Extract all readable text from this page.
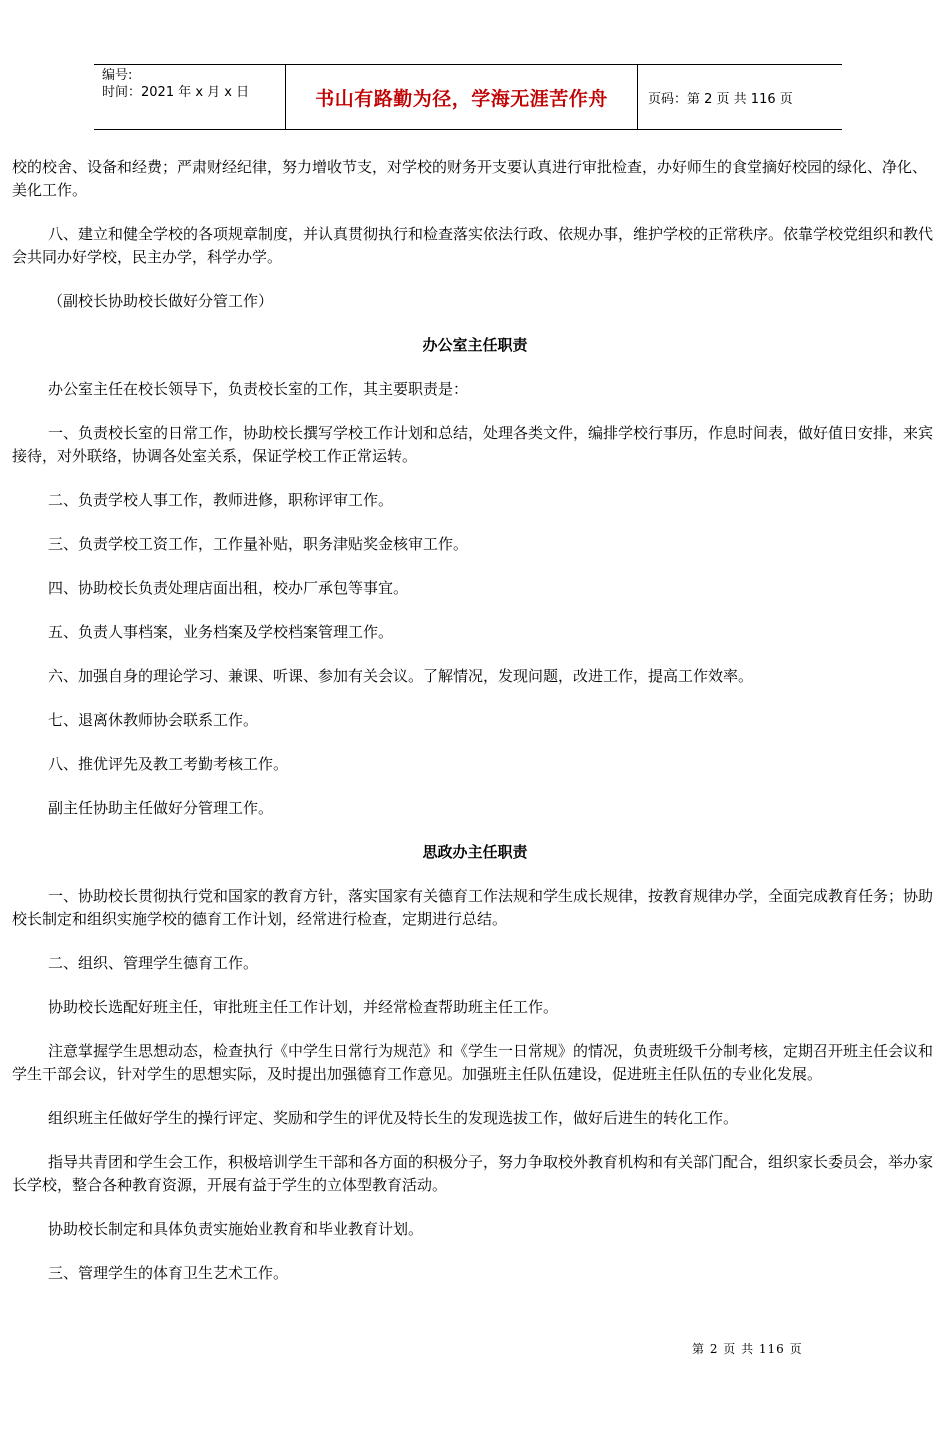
编号:
时间：2021 年 x 月 x 日	书山有路勤为径，学海无涯苦作舟	页码：第 2 页 共 116 页

校的校舍、设备和经费；严肃财经纪律，努力增收节支，对学校的财务开支要认真进行审批检查，办好师生的食堂摘好校园的绿化、净化、美化工作。

八、建立和健全学校的各项规章制度，并认真贯彻执行和检查落实依法行政、依规办事，维护学校的正常秩序。依靠学校党组织和教代会共同办好学校，民主办学，科学办学。

（副校长协助校长做好分管工作）

办公室主任职责

办公室主任在校长领导下，负责校长室的工作，其主要职责是：

一、负责校长室的日常工作，协助校长撰写学校工作计划和总结，处理各类文件，编排学校行事历，作息时间表，做好值日安排，来宾接待，对外联络，协调各处室关系，保证学校工作正常运转。

二、负责学校人事工作，教师进修，职称评审工作。

三、负责学校工资工作，工作量补贴，职务津贴奖金核审工作。

四、协助校长负责处理店面出租，校办厂承包等事宜。

五、负责人事档案，业务档案及学校档案管理工作。

六、加强自身的理论学习、兼课、听课、参加有关会议。了解情况，发现问题，改进工作，提高工作效率。

七、退离休教师协会联系工作。

八、推优评先及教工考勤考核工作。

副主任协助主任做好分管理工作。

思政办主任职责

一、协助校长贯彻执行党和国家的教育方针，落实国家有关德育工作法规和学生成长规律，按教育规律办学，全面完成教育任务；协助校长制定和组织实施学校的德育工作计划，经常进行检查，定期进行总结。

二、组织、管理学生德育工作。

协助校长选配好班主任，审批班主任工作计划，并经常检查帮助班主任工作。

注意掌握学生思想动态，检查执行《中学生日常行为规范》和《学生一日常规》的情况，负责班级千分制考核，定期召开班主任会议和学生干部会议，针对学生的思想实际，及时提出加强德育工作意见。加强班主任队伍建设，促进班主任队伍的专业化发展。

组织班主任做好学生的操行评定、奖励和学生的评优及特长生的发现选拔工作，做好后进生的转化工作。

指导共青团和学生会工作，积极培训学生干部和各方面的积极分子，努力争取校外教育机构和有关部门配合，组织家长委员会，举办家长学校，整合各种教育资源，开展有益于学生的立体型教育活动。

协助校长制定和具体负责实施始业教育和毕业教育计划。

三、管理学生的体育卫生艺术工作。

第 2 页 共 116 页
